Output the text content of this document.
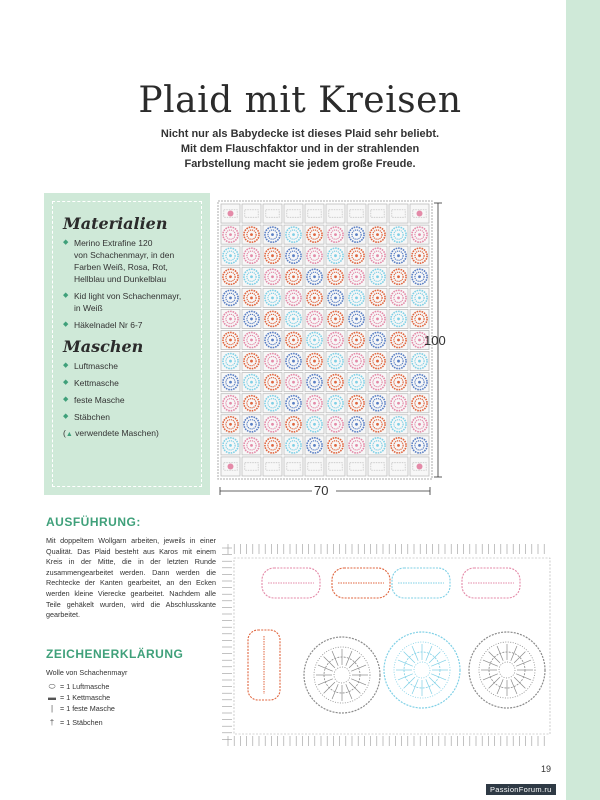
Plaid mit Kreisen
Nicht nur als Babydecke ist dieses Plaid sehr beliebt.
Mit dem Flauschfaktor und in der strahlenden
Farbstellung macht sie jedem große Freude.
Materialien
◆ Merino Extrafine 120
von Schachenmayr, in den
Farben Weiß, Rosa, Rot,
Hellblau und Dunkelblau
◆ Kid light von Schachenmayr,
in Weiß
◆ Häkelnadel Nr 6-7
Maschen
◆ Luftmasche
◆ Kettmasche
◆ feste Masche
◆ Stäbchen
(▲ verwendete Maschen)
100
70
AUSFÜHRUNG:

Mit doppeltem Wollgarn arbeiten, jeweils in einer Qualität. Das Plaid besteht aus Karos mit einem Kreis in der Mitte, die in der letzten Runde zusammengearbeitet werden. Dann werden die Rechtecke der Kanten gearbeitet, an den Ecken werden kleine Vierecke gearbeitet. Nachdem alle Teile gehäkelt wurden, wird die Abschlusskante gearbeitet.

ZEICHENERKLÄRUNG
Wolle von Schachenmayr
⬭ = 1 Luftmasche
▬ = 1 Kettmasche
| = 1 feste Masche
† = 1 Stäbchen
19
PassionForum.ru
